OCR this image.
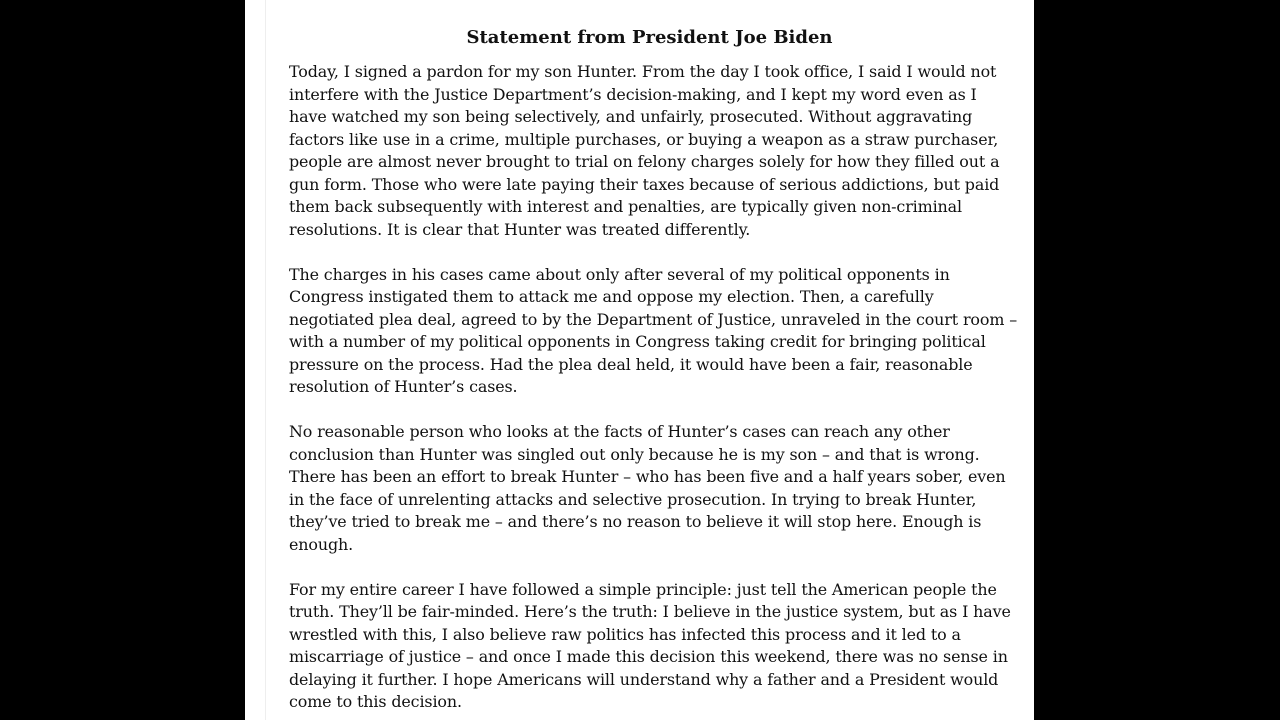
Statement from President Joe Biden

Today, I signed a pardon for my son Hunter. From the day I took office, I said I would not interfere with the Justice Department’s decision-making, and I kept my word even as I have watched my son being selectively, and unfairly, prosecuted. Without aggravating factors like use in a crime, multiple purchases, or buying a weapon as a straw purchaser, people are almost never brought to trial on felony charges solely for how they filled out a gun form. Those who were late paying their taxes because of serious addictions, but paid them back subsequently with interest and penalties, are typically given non-criminal resolutions. It is clear that Hunter was treated differently.

The charges in his cases came about only after several of my political opponents in Congress instigated them to attack me and oppose my election. Then, a carefully negotiated plea deal, agreed to by the Department of Justice, unraveled in the court room – with a number of my political opponents in Congress taking credit for bringing political pressure on the process. Had the plea deal held, it would have been a fair, reasonable resolution of Hunter’s cases.

No reasonable person who looks at the facts of Hunter’s cases can reach any other conclusion than Hunter was singled out only because he is my son – and that is wrong. There has been an effort to break Hunter – who has been five and a half years sober, even in the face of unrelenting attacks and selective prosecution. In trying to break Hunter, they’ve tried to break me – and there’s no reason to believe it will stop here. Enough is enough.

For my entire career I have followed a simple principle: just tell the American people the truth. They’ll be fair-minded. Here’s the truth: I believe in the justice system, but as I have wrestled with this, I also believe raw politics has infected this process and it led to a miscarriage of justice – and once I made this decision this weekend, there was no sense in delaying it further. I hope Americans will understand why a father and a President would come to this decision.
